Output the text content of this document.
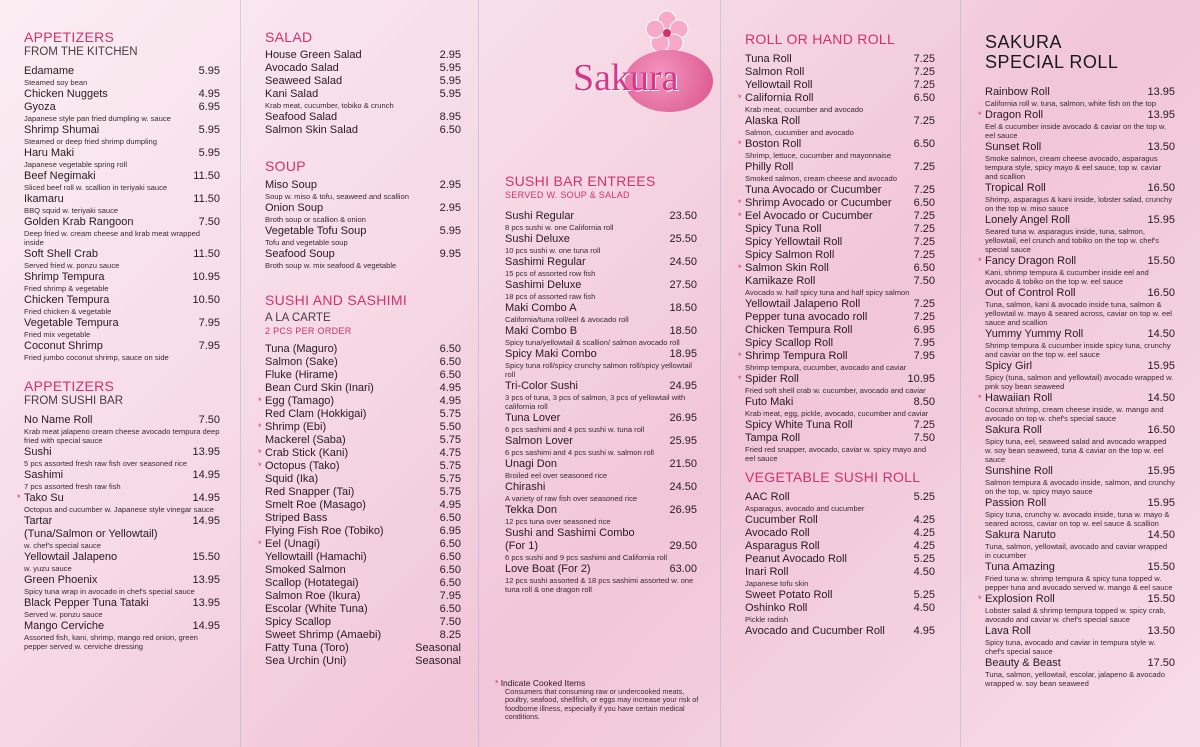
Sakura
APPETIZERS
FROM THE KITCHEN
Edamame	5.95
Steamed soy bean
Chicken Nuggets	4.95
Gyoza	6.95
Japanese style pan fried dumpling w. sauce
Shrimp Shumai	5.95
Steamed or deep fried shrimp dumpling
Haru Maki	5.95
Japanese vegetable spring roll
Beef Negimaki	11.50
Sliced beef roll w. scallion in teriyaki sauce
Ikamaru	11.50
BBQ squid w. teriyaki sauce
Golden Krab Rangoon	7.50
Deep fried w. cream cheese and krab meat wrapped inside
Soft Shell Crab	11.50
Served fried w. ponzu sauce
Shrimp Tempura	10.95
Fried shrimp & vegetable
Chicken Tempura	10.50
Fried chicken & vegetable
Vegetable Tempura	7.95
Fried mix vegetable
Coconut Shrimp	7.95
Fried jumbo coconut shrimp, sauce on side
APPETIZERS
FROM SUSHI BAR
No Name Roll	7.50
Krab meat jalapeno cream cheese avocado tempura deep fried with special sauce
Sushi	13.95
5 pcs assorted fresh raw fish over seasoned rice
Sashimi	14.95
7 pcs assorted fresh raw fish
* Tako Su	14.95
Octopus and cucumber w. Japanese style vinegar sauce
Tartar	14.95
(Tuna/Salmon or Yellowtail)
w. chef's special sauce
Yellowtail Jalapeno	15.50
w. yuzu sauce
Green Phoenix	13.95
Spicy tuna wrap in avocado in chef's special sauce
Black Pepper Tuna Tataki	13.95
Served w. ponzu sauce
Mango Cerviche	14.95
Assorted fish, kani, shrimp, mango red onion, green pepper served w. cerviche dressing
SALAD
House Green Salad	2.95
Avocado Salad	5.95
Seaweed Salad	5.95
Kani Salad	5.95
Krab meat, cucumber, tobiko & crunch
Seafood Salad	8.95
Salmon Skin Salad	6.50
SOUP
Miso Soup	2.95
Soup w. miso & tofu, seaweed and scallion
Onion Soup	2.95
Broth soup or scallion & onion
Vegetable Tofu Soup	5.95
Tofu and vegetable soup
Seafood Soup	9.95
Broth soup w. mix seafood & vegetable
SUSHI AND SASHIMI
A LA CARTE
2 PCS PER ORDER
Tuna (Maguro)	6.50
Salmon (Sake)	6.50
Fluke (Hirame)	6.50
Bean Curd Skin (Inari)	4.95
* Egg (Tamago)	4.95
Red Clam (Hokkigai)	5.75
* Shrimp (Ebi)	5.50
Mackerel (Saba)	5.75
* Crab Stick (Kani)	4.75
* Octopus (Tako)	5.75
Squid (Ika)	5.75
Red Snapper (Tai)	5.75
Smelt Roe (Masago)	4.95
Striped Bass	6.50
Flying Fish Roe (Tobiko)	6.95
* Eel (Unagi)	6.50
Yellowtaill (Hamachi)	6.50
Smoked Salmon	6.50
Scallop (Hotategai)	6.50
Salmon Roe (Ikura)	7.95
Escolar (White Tuna)	6.50
Spicy Scallop	7.50
Sweet Shrimp (Amaebi)	8.25
Fatty Tuna (Toro)	Seasonal
Sea Urchin (Uni)	Seasonal
SUSHI BAR ENTREES
SERVED W. SOUP & SALAD
Sushi Regular	23.50
8 pcs sushi w. one California roll
Sushi Deluxe	25.50
10 pcs sushi w. one tuna roll
Sashimi Regular	24.50
15 pcs of assorted row fish
Sashimi Deluxe	27.50
18 pcs of assorted raw fish
Maki Combo A	18.50
California/tuna roll/eel & avocado roll
Maki Combo B	18.50
Spicy tuna/yellowtail & scallion/ salmon avocado roll
Spicy Maki Combo	18.95
Spicy tuna roll/spicy crunchy salmon roll/spicy yellowtail roll
Tri-Color Sushi	24.95
3 pcs of tuna, 3 pcs of salmon, 3 pcs of yellowtail with california roll
Tuna Lover	26.95
6 pcs sashimi and 4 pcs sushi w. tuna roll
Salmon Lover	25.95
6 pcs sashimi and 4 pcs sushi w. salmon roll
Unagi Don	21.50
Broiled eel over seasoned rice
Chirashi	24.50
A variety of raw fish over seasoned rice
Tekka Don	26.95
12 pcs tuna over seasoned rice
Sushi and Sashimi Combo
(For 1)	29.50
6 pcs sushi and 9 pcs sashimi and California roll
Love Boat (For 2)	63.00
12 pcs sushi assorted & 18 pcs sashimi assorted w. one tuna roll & one dragon roll
* Indicate Cooked Items
Consumers that consuming raw or undercooked meats, poultry, seafood, shellfish, or eggs may increase your risk of foodborne illness, especially if you have certain medical conditions.
ROLL OR HAND ROLL
Tuna Roll	7.25
Salmon Roll	7.25
Yellowtail Roll	7.25
* California Roll	6.50
Krab meat, cucumber and avocado
Alaska Roll	7.25
Salmon, cucumber and avocado
* Boston Roll	6.50
Shrimp, lettuce, cucumber and mayonnaise
Philly Roll	7.25
Smoked salmon, cream cheese and avocado
Tuna Avocado or Cucumber	7.25
* Shrimp Avocado or Cucumber	6.50
* Eel Avocado or Cucumber	7.25
Spicy Tuna Roll	7.25
Spicy Yellowtail Roll	7.25
Spicy Salmon Roll	7.25
* Salmon Skin Roll	6.50
Kamikaze Roll	7.50
Avocado w. half spicy tuna and half spicy salmon
Yellowtail Jalapeno Roll	7.25
Pepper tuna avocado roll	7.25
Chicken Tempura Roll	6.95
Spicy Scallop Roll	7.95
* Shrimp Tempura Roll	7.95
Shrimp tempura, cucumber, avocado and caviar
* Spider Roll	10.95
Fried soft shell crab w. cucumber, avocado and caviar
Futo Maki	8.50
Krab meat, egg, pickle, avocado, cucumber and caviar
Spicy White Tuna Roll	7.25
Tampa Roll	7.50
Fried red snapper, avocado, caviar w. spicy mayo and eel sauce
VEGETABLE SUSHI ROLL
AAC Roll	5.25
Asparagus, avocado and cucumber
Cucumber Roll	4.25
Avocado Roll	4.25
Asparagus Roll	4.25
Peanut Avocado Roll	5.25
Inari Roll	4.50
Japanese tofu skin
Sweet Potato Roll	5.25
Oshinko Roll	4.50
Pickle radish
Avocado and Cucumber Roll	4.95
SAKURA
SPECIAL ROLL
Rainbow Roll	13.95
California roll w. tuna, salmon, white fish on the top
* Dragon Roll	13.95
Eel & cucumber inside avocado & caviar on the top w. eel sauce
Sunset Roll	13.50
Smoke salmon, cream cheese avocado, asparagus tempura style, spicy mayo & eel sauce, top w. caviar and scallion
Tropical Roll	16.50
Shrimp, asparagus & kani inside, lobster salad, crunchy on the top w. miso sauce
Lonely Angel Roll	15.95
Seared tuna w. asparagus inside, tuna, salmon, yellowtail, eel crunch and tobiko on the top w. chef's special sauce
* Fancy Dragon Roll	15.50
Kani, shrimp tempura & cucumber inside eel and avocado & tobiko on the top w. eel sauce
Out of Control Roll	16.50
Tuna, salmon, kani & avocado inside tuna, salmon & yellowtail w. mayo & seared across, caviar on top w. eel sauce and scallion
Yummy Yummy Roll	14.50
Shrimp tempura & cucumber inside spicy tuna, crunchy and caviar on the top w. eel sauce
Spicy Girl	15.95
Spicy (tuna, salmon and yellowtail) avocado wrapped w. pink soy bean seaweed
* Hawaiian Roll	14.50
Coconut shrimp, cream cheese inside, w. mango and avocado on top w. chef's special sauce
Sakura Roll	16.50
Spicy tuna, eel, seaweed salad and avocado wrapped w. soy bean seaweed, tuna & caviar on the top w. eel sauce
Sunshine Roll	15.95
Salmon tempura & avocado inside, salmon, and crunchy on the top, w. spicy mayo sauce
Passion Roll	15.95
Spicy tuna, crunchy w. avocado inside, tuna w. mayo & seared across, caviar on top w. eel sauce & scallion
Sakura Naruto	14.50
Tuna, salmon, yellowtail, avocado and caviar wrapped in cucumber
Tuna Amazing	15.50
Fried tuna w. shrimp tempura & spicy tuna topped w. pepper tuna and avocado served w. mango & eel sauce
* Explosion Roll	15.50
Lobster salad & shrimp tempura topped w. spicy crab, avocado and caviar w. chef's special sauce
Lava Roll	13.50
Spicy tuna, avocado and caviar in tempura style w. chef's special sauce
Beauty & Beast	17.50
Tuna, salmon, yellowtail, escolar, jalapeno & avocado wrapped w. soy bean seaweed
